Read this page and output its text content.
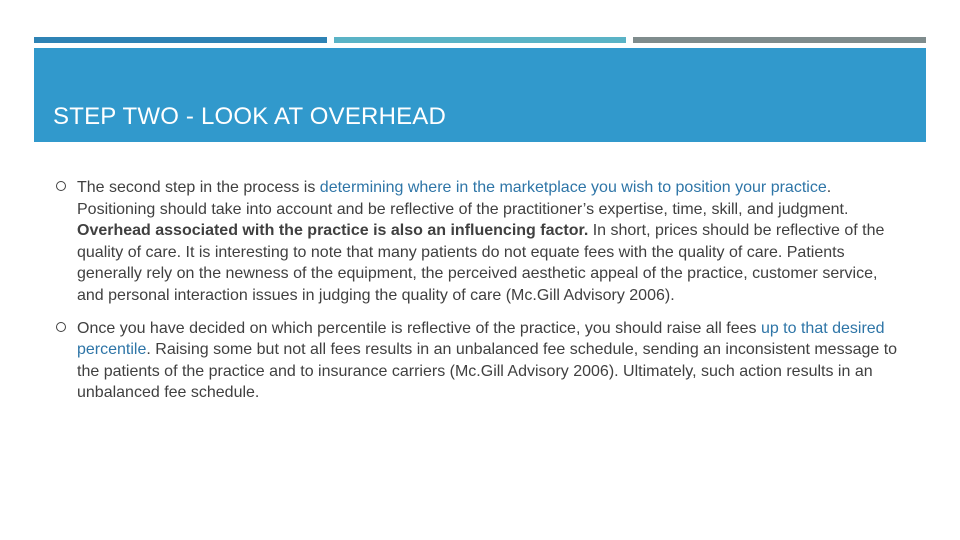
STEP TWO - LOOK AT OVERHEAD
The second step in the process is determining where in the marketplace you wish to position your practice. Positioning should take into account and be reflective of the practitioner’s expertise, time, skill, and judgment. Overhead associated with the practice is also an influencing factor. In short, prices should be reflective of the quality of care. It is interesting to note that many patients do not equate fees with the quality of care. Patients generally rely on the newness of the equipment, the perceived aesthetic appeal of the practice, customer service, and personal interaction issues in judging the quality of care (Mc.Gill Advisory 2006).
Once you have decided on which percentile is reflective of the practice, you should raise all fees up to that desired percentile. Raising some but not all fees results in an unbalanced fee schedule, sending an inconsistent message to the patients of the practice and to insurance carriers (Mc.Gill Advisory 2006). Ultimately, such action results in an unbalanced fee schedule.
